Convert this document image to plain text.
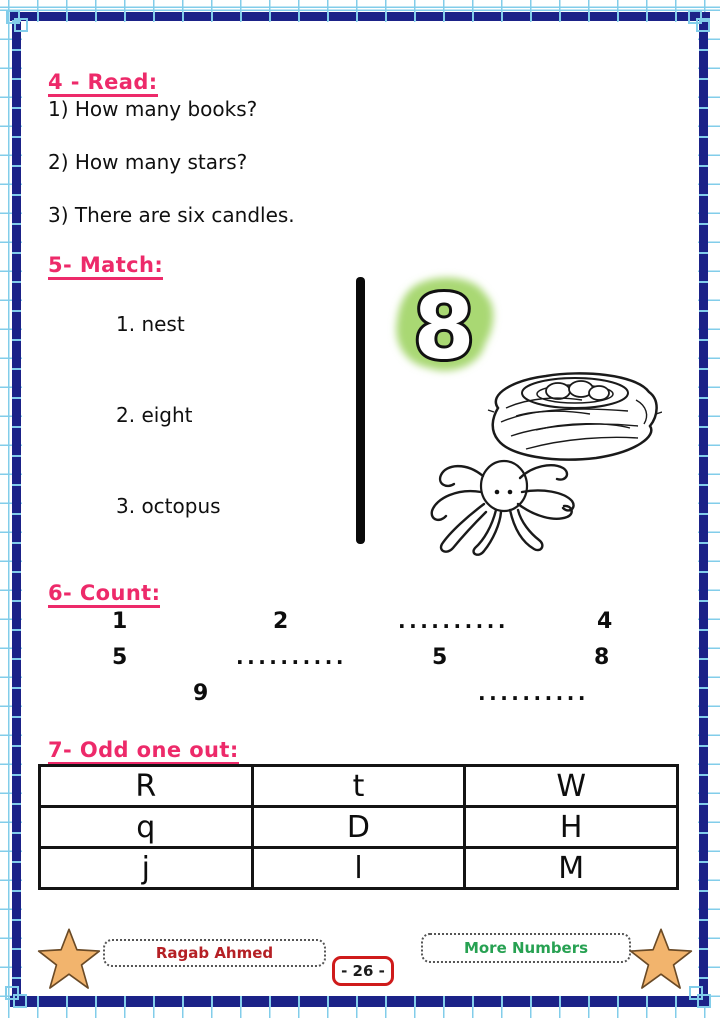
4 - Read:
1) How many books?
2) How many stars?
3) There are six candles.
5- Match:
1. nest
2. eight
3. octopus
8
6- Count:
1	2	..........	4
5	..........	5	8
9	..........
7- Odd one out:
R	t	W
q	D	H
j	l	M
Ragab Ahmed
- 26 -
More Numbers
